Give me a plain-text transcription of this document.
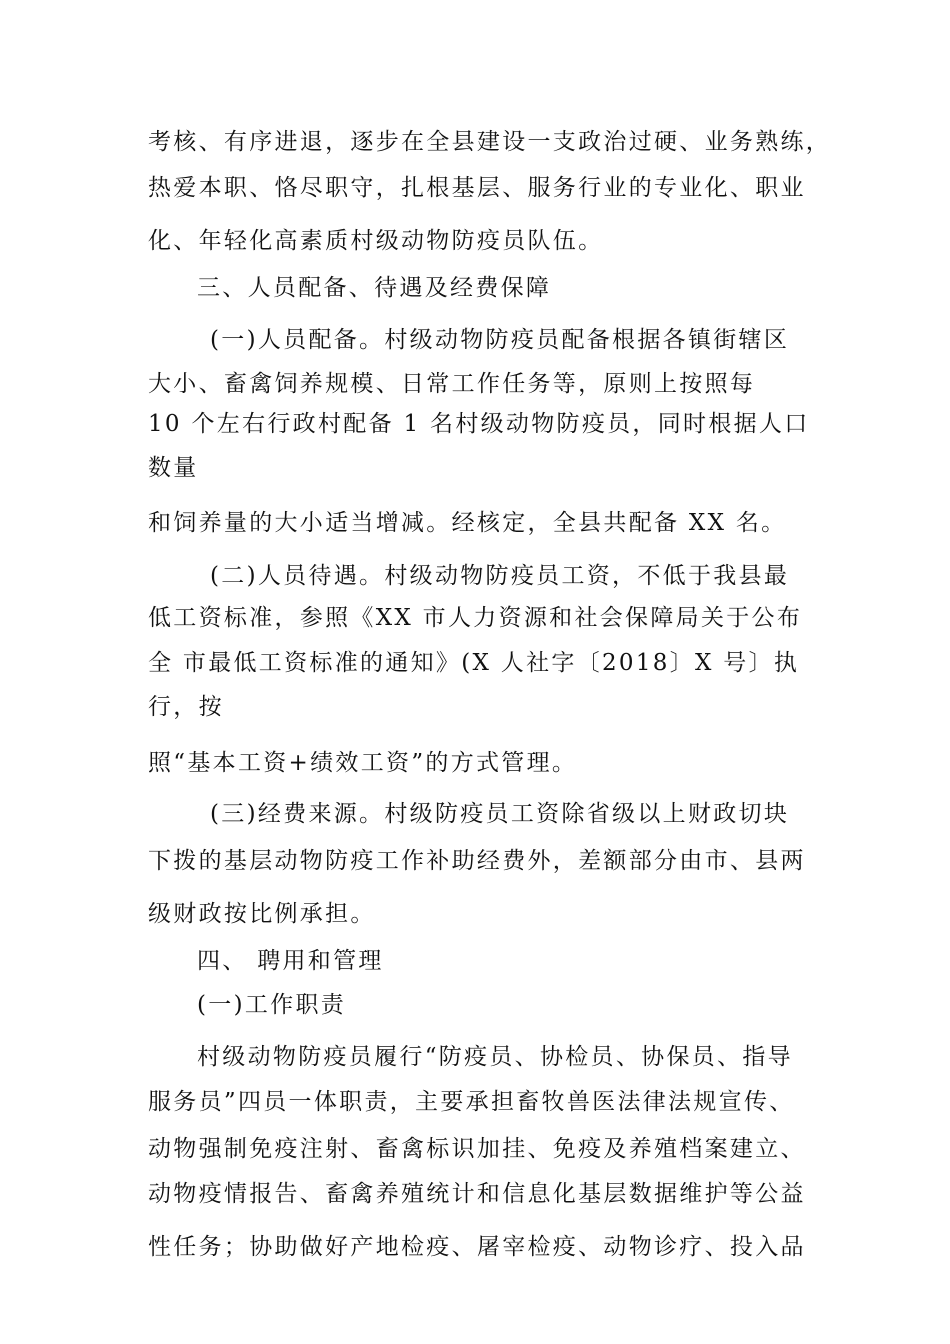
考核、有序进退，逐步在全县建设一支政治过硬、业务熟练，
热爱本职、恪尽职守，扎根基层、服务行业的专业化、职业
化、年轻化高素质村级动物防疫员队伍。
三、人员配备、待遇及经费保障
(一)人员配备。村级动物防疫员配备根据各镇街辖区
大小、畜禽饲养规模、日常工作任务等，原则上按照每
10 个左右行政村配备 1 名村级动物防疫员，同时根据人口
数量
和饲养量的大小适当增减。经核定，全县共配备 XX 名。
(二)人员待遇。村级动物防疫员工资，不低于我县最
低工资标准，参照《XX 市人力资源和社会保障局关于公布
全 市最低工资标准的通知》(X 人社字〔2018〕X 号〕执
行，按
照“基本工资+绩效工资”的方式管理。
(三)经费来源。村级防疫员工资除省级以上财政切块
下拨的基层动物防疫工作补助经费外，差额部分由市、县两
级财政按比例承担。
四、 聘用和管理
(一)工作职责
村级动物防疫员履行“防疫员、协检员、协保员、指导
服务员”四员一体职责，主要承担畜牧兽医法律法规宣传、
动物强制免疫注射、畜禽标识加挂、免疫及养殖档案建立、
动物疫情报告、畜禽养殖统计和信息化基层数据维护等公益
性任务；协助做好产地检疫、屠宰检疫、动物诊疗、投入品
